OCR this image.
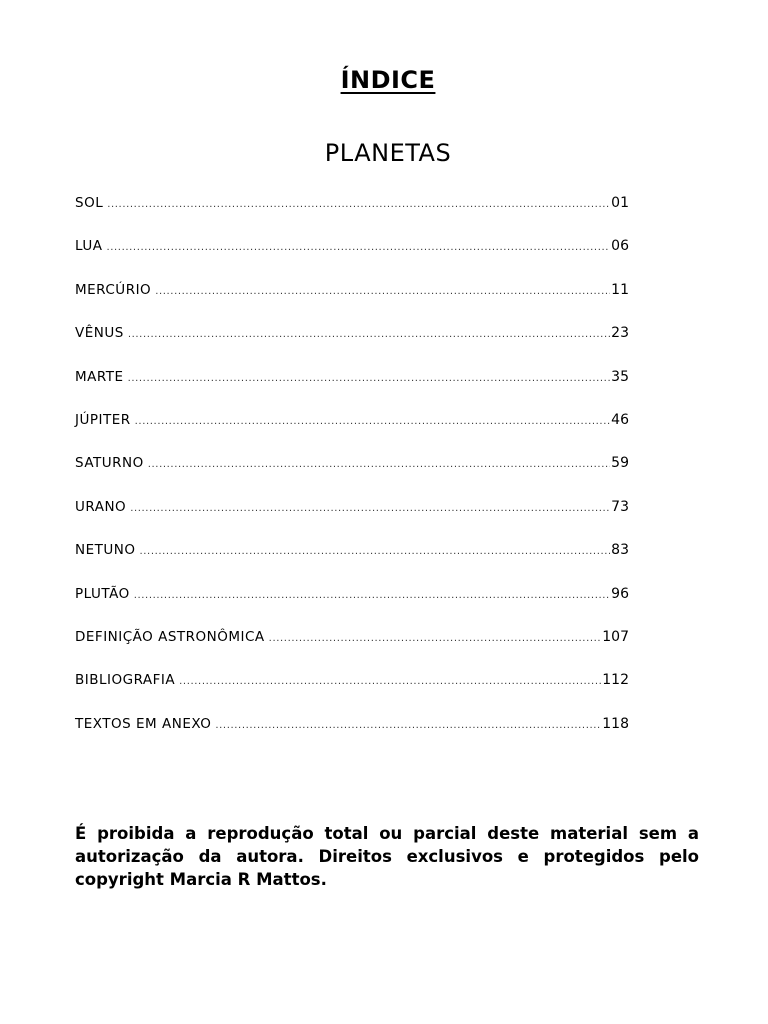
ÍNDICE
PLANETAS
SOL .....	01
LUA .....	06
MERCÚRIO .....	11
VÊNUS .....	23
MARTE .....	35
JÚPITER .....	46
SATURNO .....	59
URANO .....	73
NETUNO .....	83
PLUTÃO .....	96
DEFINIÇÃO ASTRONÔMICA .....	107
BIBLIOGRAFIA .....	112
TEXTOS EM ANEXO .....	118

É proibida a reprodução total ou parcial deste material sem a autorização da autora. Direitos exclusivos e protegidos pelo copyright Marcia R Mattos.
